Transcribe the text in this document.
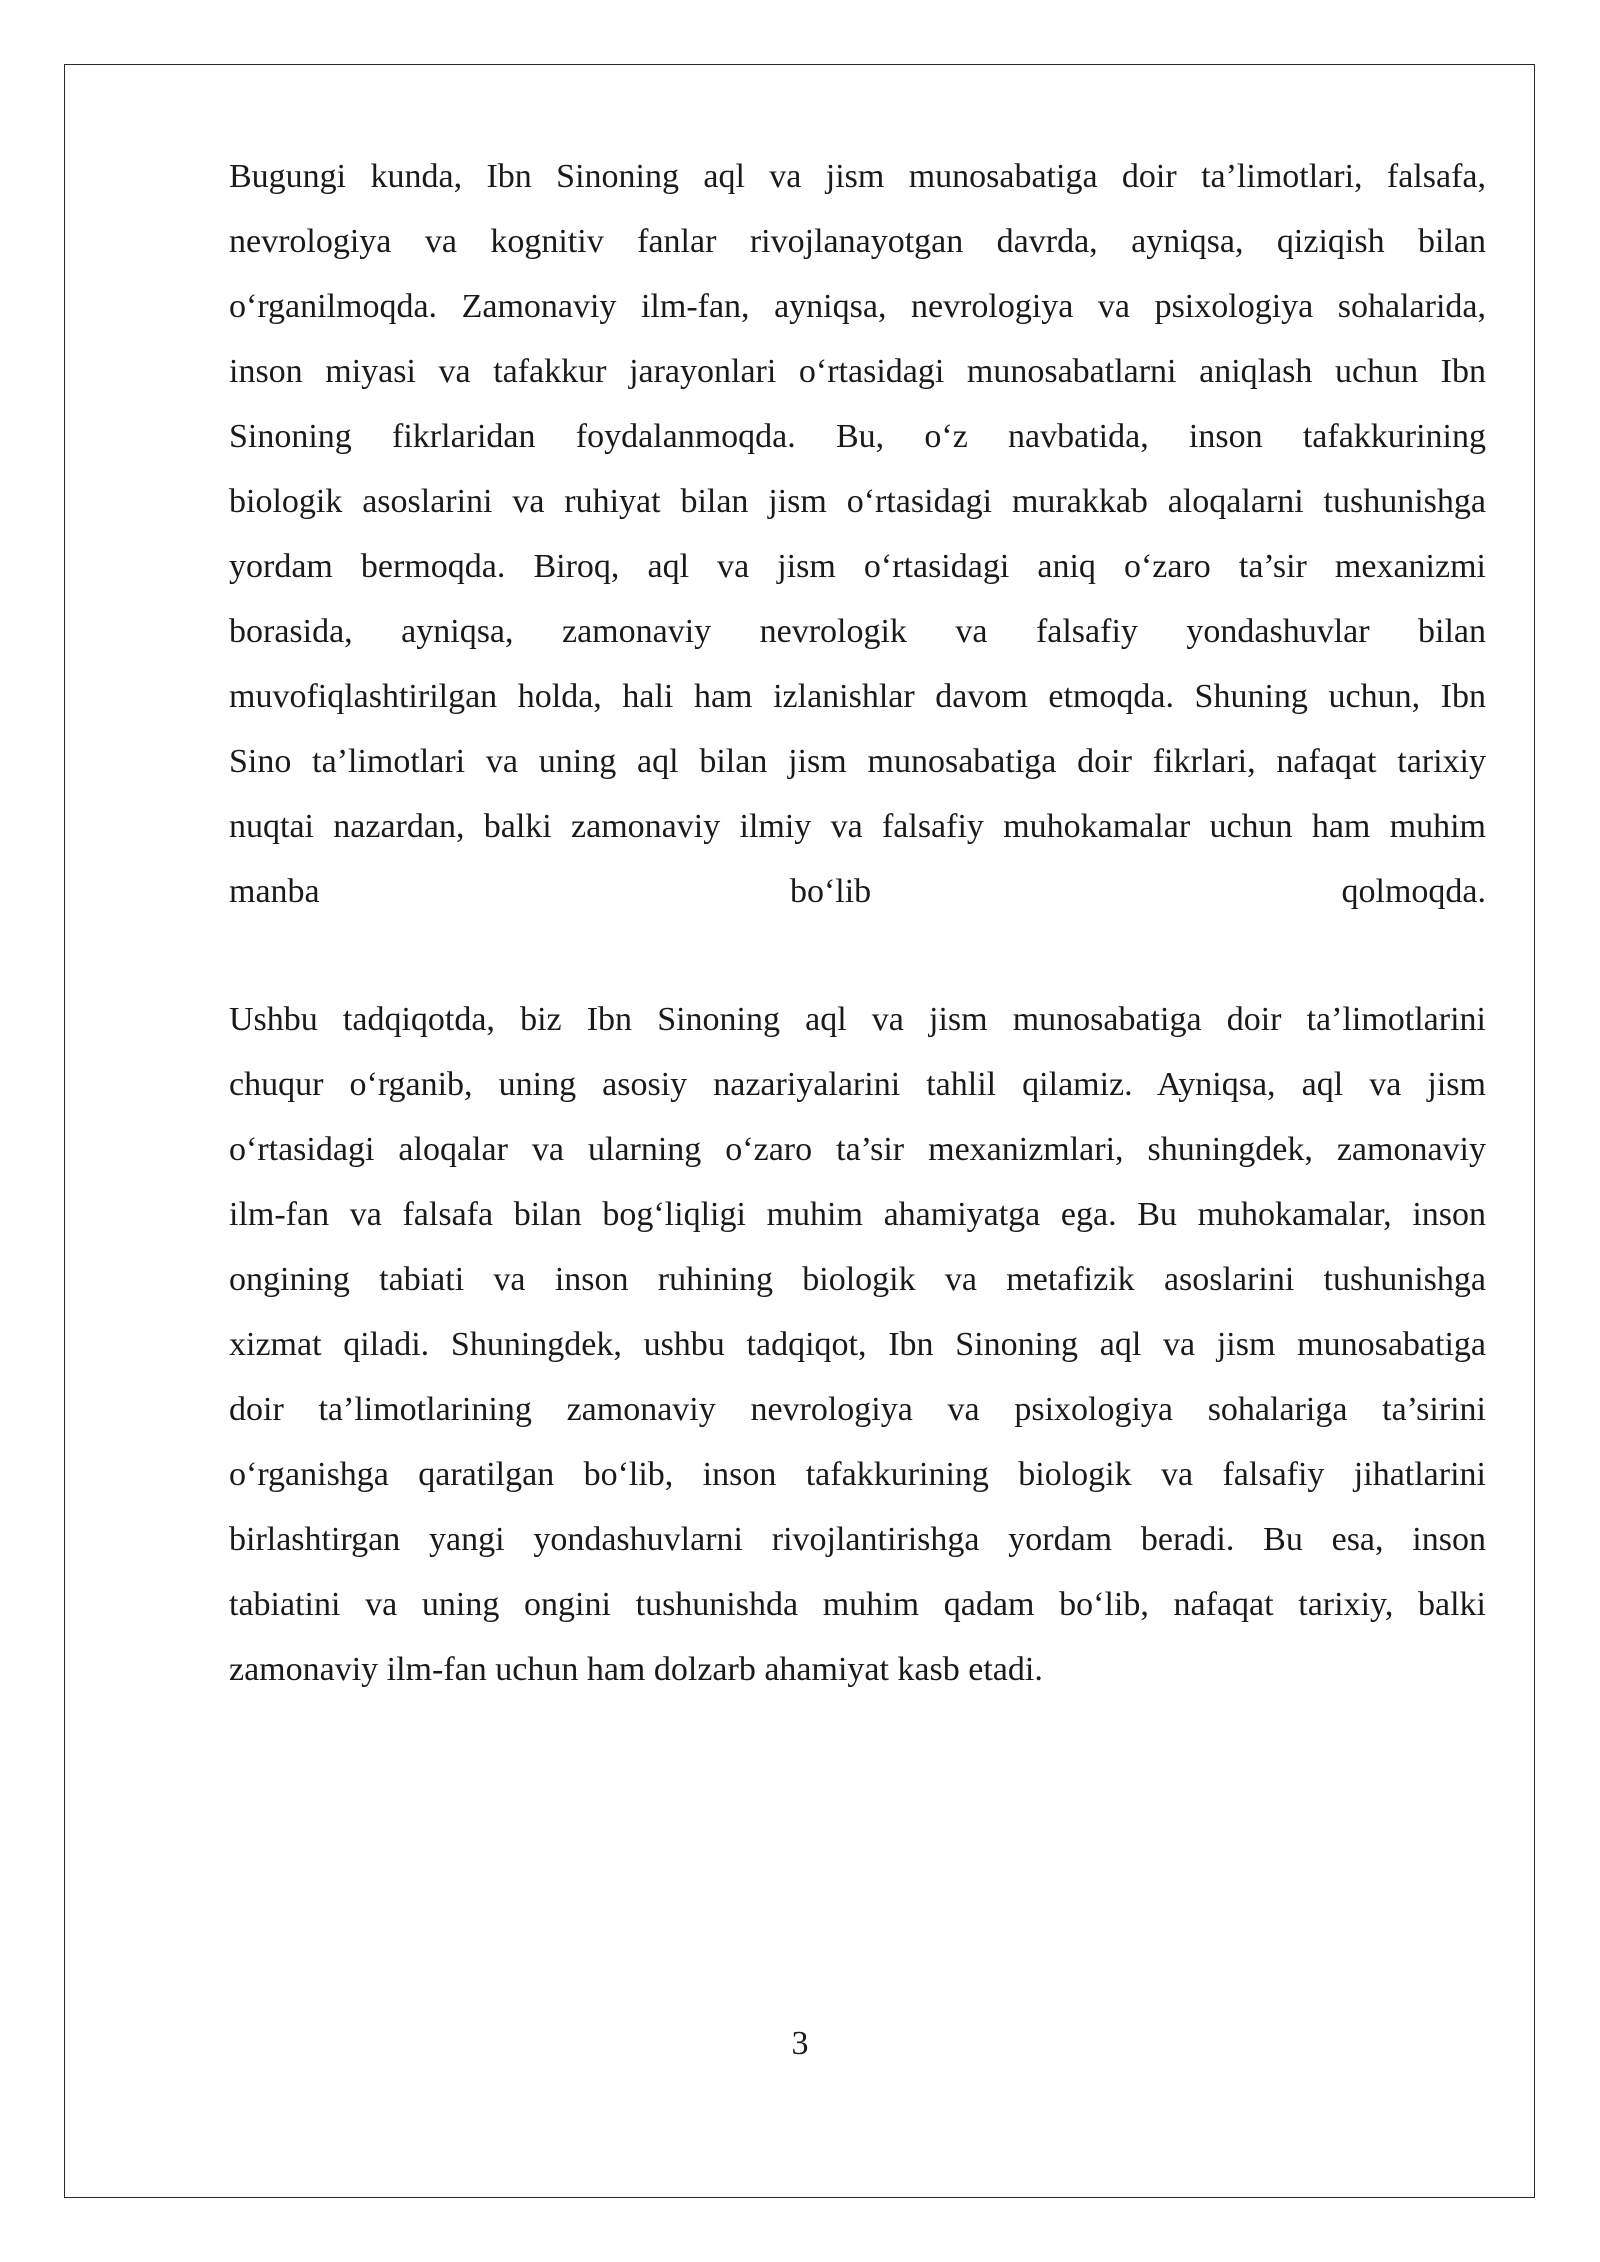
Bugungi kunda, Ibn Sinoning aql va jism munosabatiga doir ta’limotlari, falsafa,
nevrologiya va kognitiv fanlar rivojlanayotgan davrda, ayniqsa, qiziqish bilan
o‘rganilmoqda. Zamonaviy ilm-fan, ayniqsa, nevrologiya va psixologiya sohalarida,
inson miyasi va tafakkur jarayonlari o‘rtasidagi munosabatlarni aniqlash uchun Ibn
Sinoning fikrlaridan foydalanmoqda. Bu, o‘z navbatida, inson tafakkurining
biologik asoslarini va ruhiyat bilan jism o‘rtasidagi murakkab aloqalarni tushunishga
yordam bermoqda. Biroq, aql va jism o‘rtasidagi aniq o‘zaro ta’sir mexanizmi
borasida, ayniqsa, zamonaviy nevrologik va falsafiy yondashuvlar bilan
muvofiqlashtirilgan holda, hali ham izlanishlar davom etmoqda. Shuning uchun, Ibn
Sino ta’limotlari va uning aql bilan jism munosabatiga doir fikrlari, nafaqat tarixiy
nuqtai nazardan, balki zamonaviy ilmiy va falsafiy muhokamalar uchun ham muhim
manba bo‘lib qolmoqda.
Ushbu tadqiqotda, biz Ibn Sinoning aql va jism munosabatiga doir ta’limotlarini
chuqur o‘rganib, uning asosiy nazariyalarini tahlil qilamiz. Ayniqsa, aql va jism
o‘rtasidagi aloqalar va ularning o‘zaro ta’sir mexanizmlari, shuningdek, zamonaviy
ilm-fan va falsafa bilan bog‘liqligi muhim ahamiyatga ega. Bu muhokamalar, inson
ongining tabiati va inson ruhining biologik va metafizik asoslarini tushunishga
xizmat qiladi. Shuningdek, ushbu tadqiqot, Ibn Sinoning aql va jism munosabatiga
doir ta’limotlarining zamonaviy nevrologiya va psixologiya sohalariga ta’sirini
o‘rganishga qaratilgan bo‘lib, inson tafakkurining biologik va falsafiy jihatlarini
birlashtirgan yangi yondashuvlarni rivojlantirishga yordam beradi. Bu esa, inson
tabiatini va uning ongini tushunishda muhim qadam bo‘lib, nafaqat tarixiy, balki
zamonaviy ilm-fan uchun ham dolzarb ahamiyat kasb etadi.
3
